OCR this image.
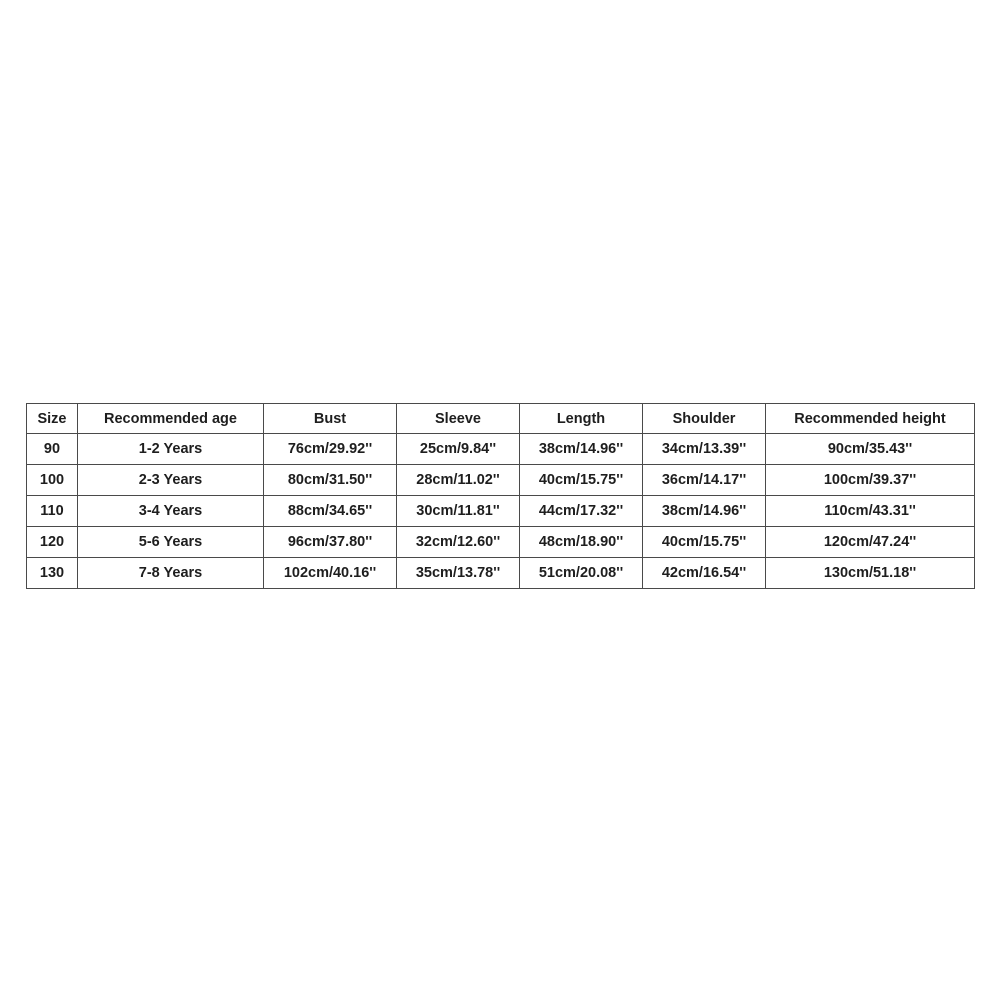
Size	Recommended age	Bust	Sleeve	Length	Shoulder	Recommended height
90	1-2 Years	76cm/29.92''	25cm/9.84''	38cm/14.96''	34cm/13.39''	90cm/35.43''
100	2-3 Years	80cm/31.50''	28cm/11.02''	40cm/15.75''	36cm/14.17''	100cm/39.37''
110	3-4 Years	88cm/34.65''	30cm/11.81''	44cm/17.32''	38cm/14.96''	110cm/43.31''
120	5-6 Years	96cm/37.80''	32cm/12.60''	48cm/18.90''	40cm/15.75''	120cm/47.24''
130	7-8 Years	102cm/40.16''	35cm/13.78''	51cm/20.08''	42cm/16.54''	130cm/51.18''
